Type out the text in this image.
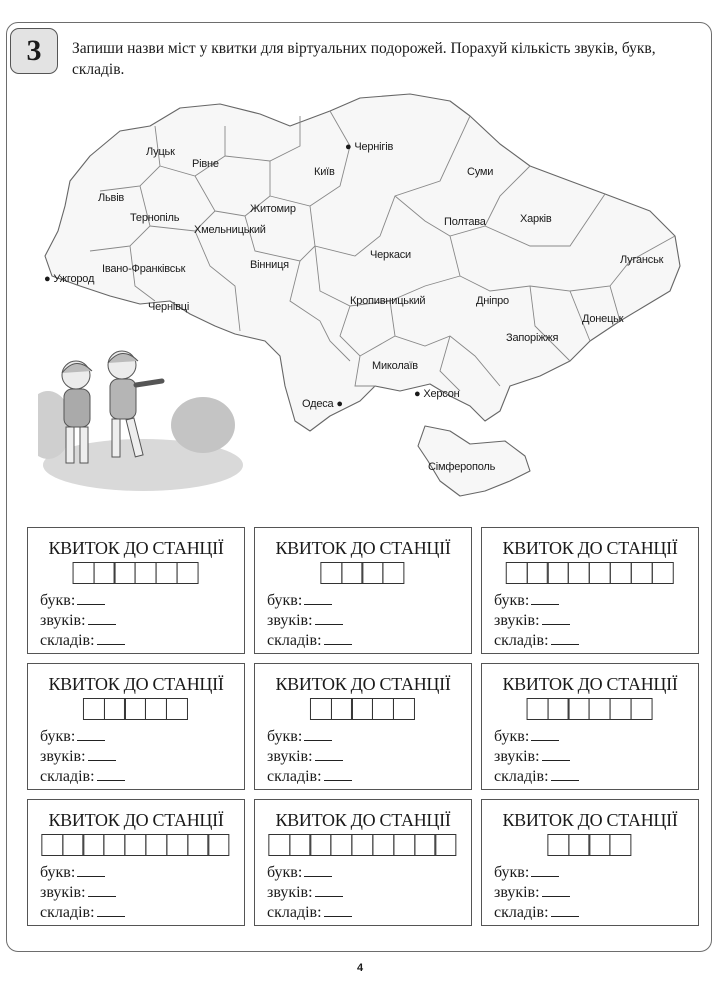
3	Запиши назви міст у квитки для віртуальних подорожей. Порахуй кількість звуків, букв, складів.
Луцьк
Рівне
● Чернігів
Київ	Суми
Львів
Житомир
Харків
Тернопіль
Хмельницький
Полтава
● Ужгород
Івано-Франківськ	Вінниця
Черкаси	Луганськ
Кропивницький	Дніпро
Чернівці
Донецьк
Запоріжжя
Миколаїв
● Херсон
Одеса ●
Сімферополь
КВИТОК ДО СТАНЦІЇ
букв:
звуків:
складів:
КВИТОК ДО СТАНЦІЇ
букв:
звуків:
складів:
КВИТОК ДО СТАНЦІЇ
букв:
звуків:
складів:
КВИТОК ДО СТАНЦІЇ
букв:
звуків:
складів:
КВИТОК ДО СТАНЦІЇ
букв:
звуків:
складів:
КВИТОК ДО СТАНЦІЇ
букв:
звуків:
складів:
КВИТОК ДО СТАНЦІЇ
букв:
звуків:
складів:
КВИТОК ДО СТАНЦІЇ
букв:
звуків:
складів:
КВИТОК ДО СТАНЦІЇ
букв:
звуків:
складів:
4
